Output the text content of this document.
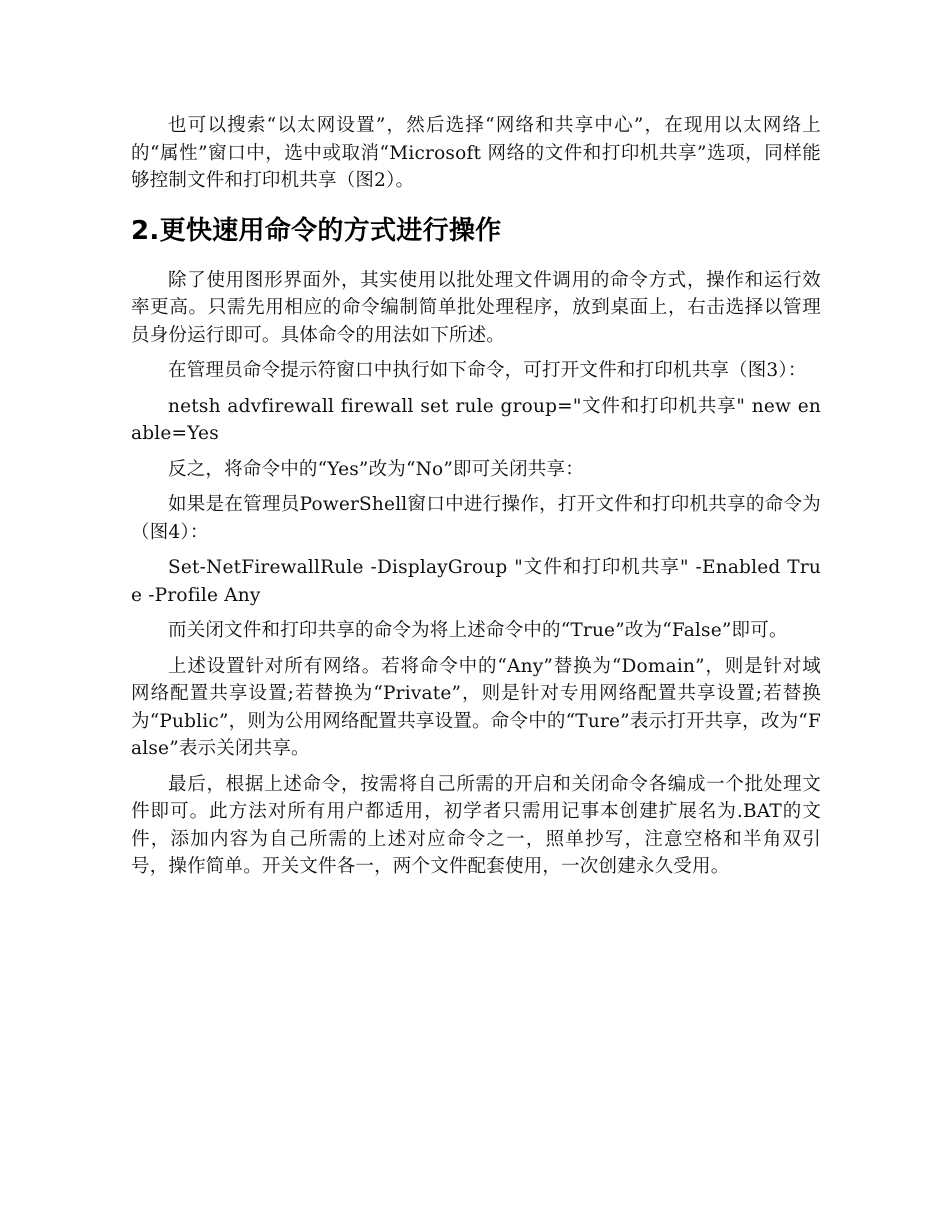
也可以搜索“以太网设置”，然后选择“网络和共享中心”，在现用以太网络上的“属性”窗口中，选中或取消“Microsoft 网络的文件和打印机共享”选项，同样能够控制文件和打印机共享（图2）。

2.更快速用命令的方式进行操作

除了使用图形界面外，其实使用以批处理文件调用的命令方式，操作和运行效率更高。只需先用相应的命令编制简单批处理程序，放到桌面上，右击选择以管理员身份运行即可。具体命令的用法如下所述。

在管理员命令提示符窗口中执行如下命令，可打开文件和打印机共享（图3）：

netsh advfirewall firewall set rule group="文件和打印机共享" new enable=Yes

反之，将命令中的“Yes”改为“No”即可关闭共享：

如果是在管理员PowerShell窗口中进行操作，打开文件和打印机共享的命令为（图4）：

Set-NetFirewallRule -DisplayGroup "文件和打印机共享" -Enabled True -Profile Any

而关闭文件和打印共享的命令为将上述命令中的“True”改为“False”即可。

上述设置针对所有网络。若将命令中的“Any”替换为“Domain”，则是针对域网络配置共享设置;若替换为“Private”，则是针对专用网络配置共享设置;若替换为“Public”，则为公用网络配置共享设置。命令中的“Ture”表示打开共享，改为“False”表示关闭共享。

最后，根据上述命令，按需将自己所需的开启和关闭命令各编成一个批处理文件即可。此方法对所有用户都适用，初学者只需用记事本创建扩展名为.BAT的文件，添加内容为自己所需的上述对应命令之一，照单抄写，注意空格和半角双引号，操作简单。开关文件各一，两个文件配套使用，一次创建永久受用。
